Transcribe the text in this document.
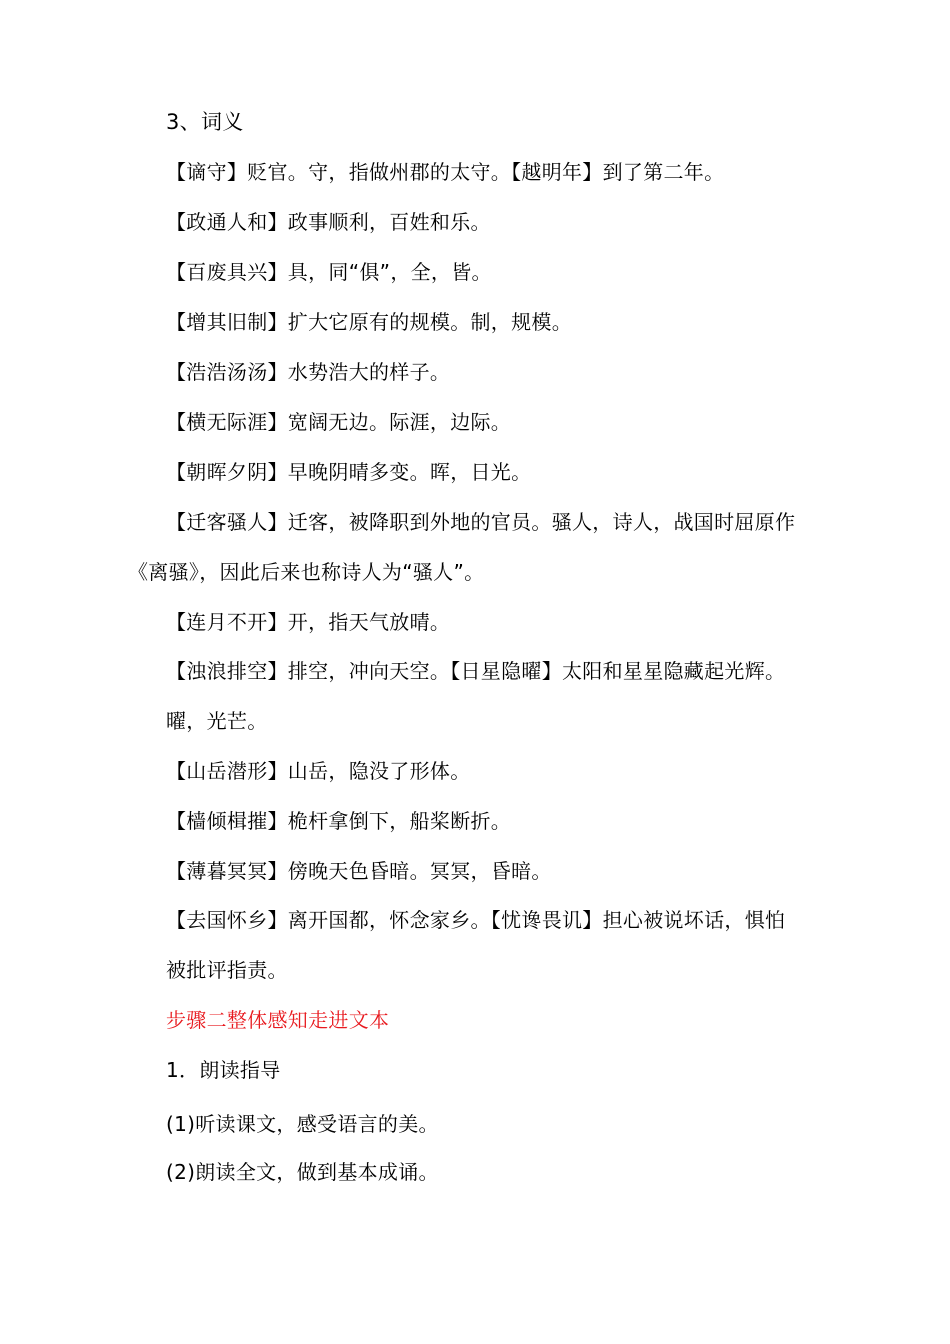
3、词义
【谪守】贬官。守，指做州郡的太守。【越明年】到了第二年。
【政通人和】政事顺利，百姓和乐。
【百废具兴】具，同“俱”，全，皆。
【增其旧制】扩大它原有的规模。制，规模。
【浩浩汤汤】水势浩大的样子。
【横无际涯】宽阔无边。际涯，边际。
【朝晖夕阴】早晚阴晴多变。晖，日光。
【迁客骚人】迁客，被降职到外地的官员。骚人，诗人，战国时屈原作
《离骚》，因此后来也称诗人为“骚人”。
【连月不开】开，指天气放晴。
【浊浪排空】排空，冲向天空。【日星隐曜】太阳和星星隐藏起光辉。
曜，光芒。
【山岳潜形】山岳，隐没了形体。
【樯倾楫摧】桅杆拿倒下，船桨断折。
【薄暮冥冥】傍晚天色昏暗。冥冥，昏暗。
【去国怀乡】离开国都，怀念家乡。【忧谗畏讥】担心被说坏话，惧怕
被批评指责。
步骤二整体感知走进文本
1．朗读指导
(1)听读课文，感受语言的美。
(2)朗读全文，做到基本成诵。
